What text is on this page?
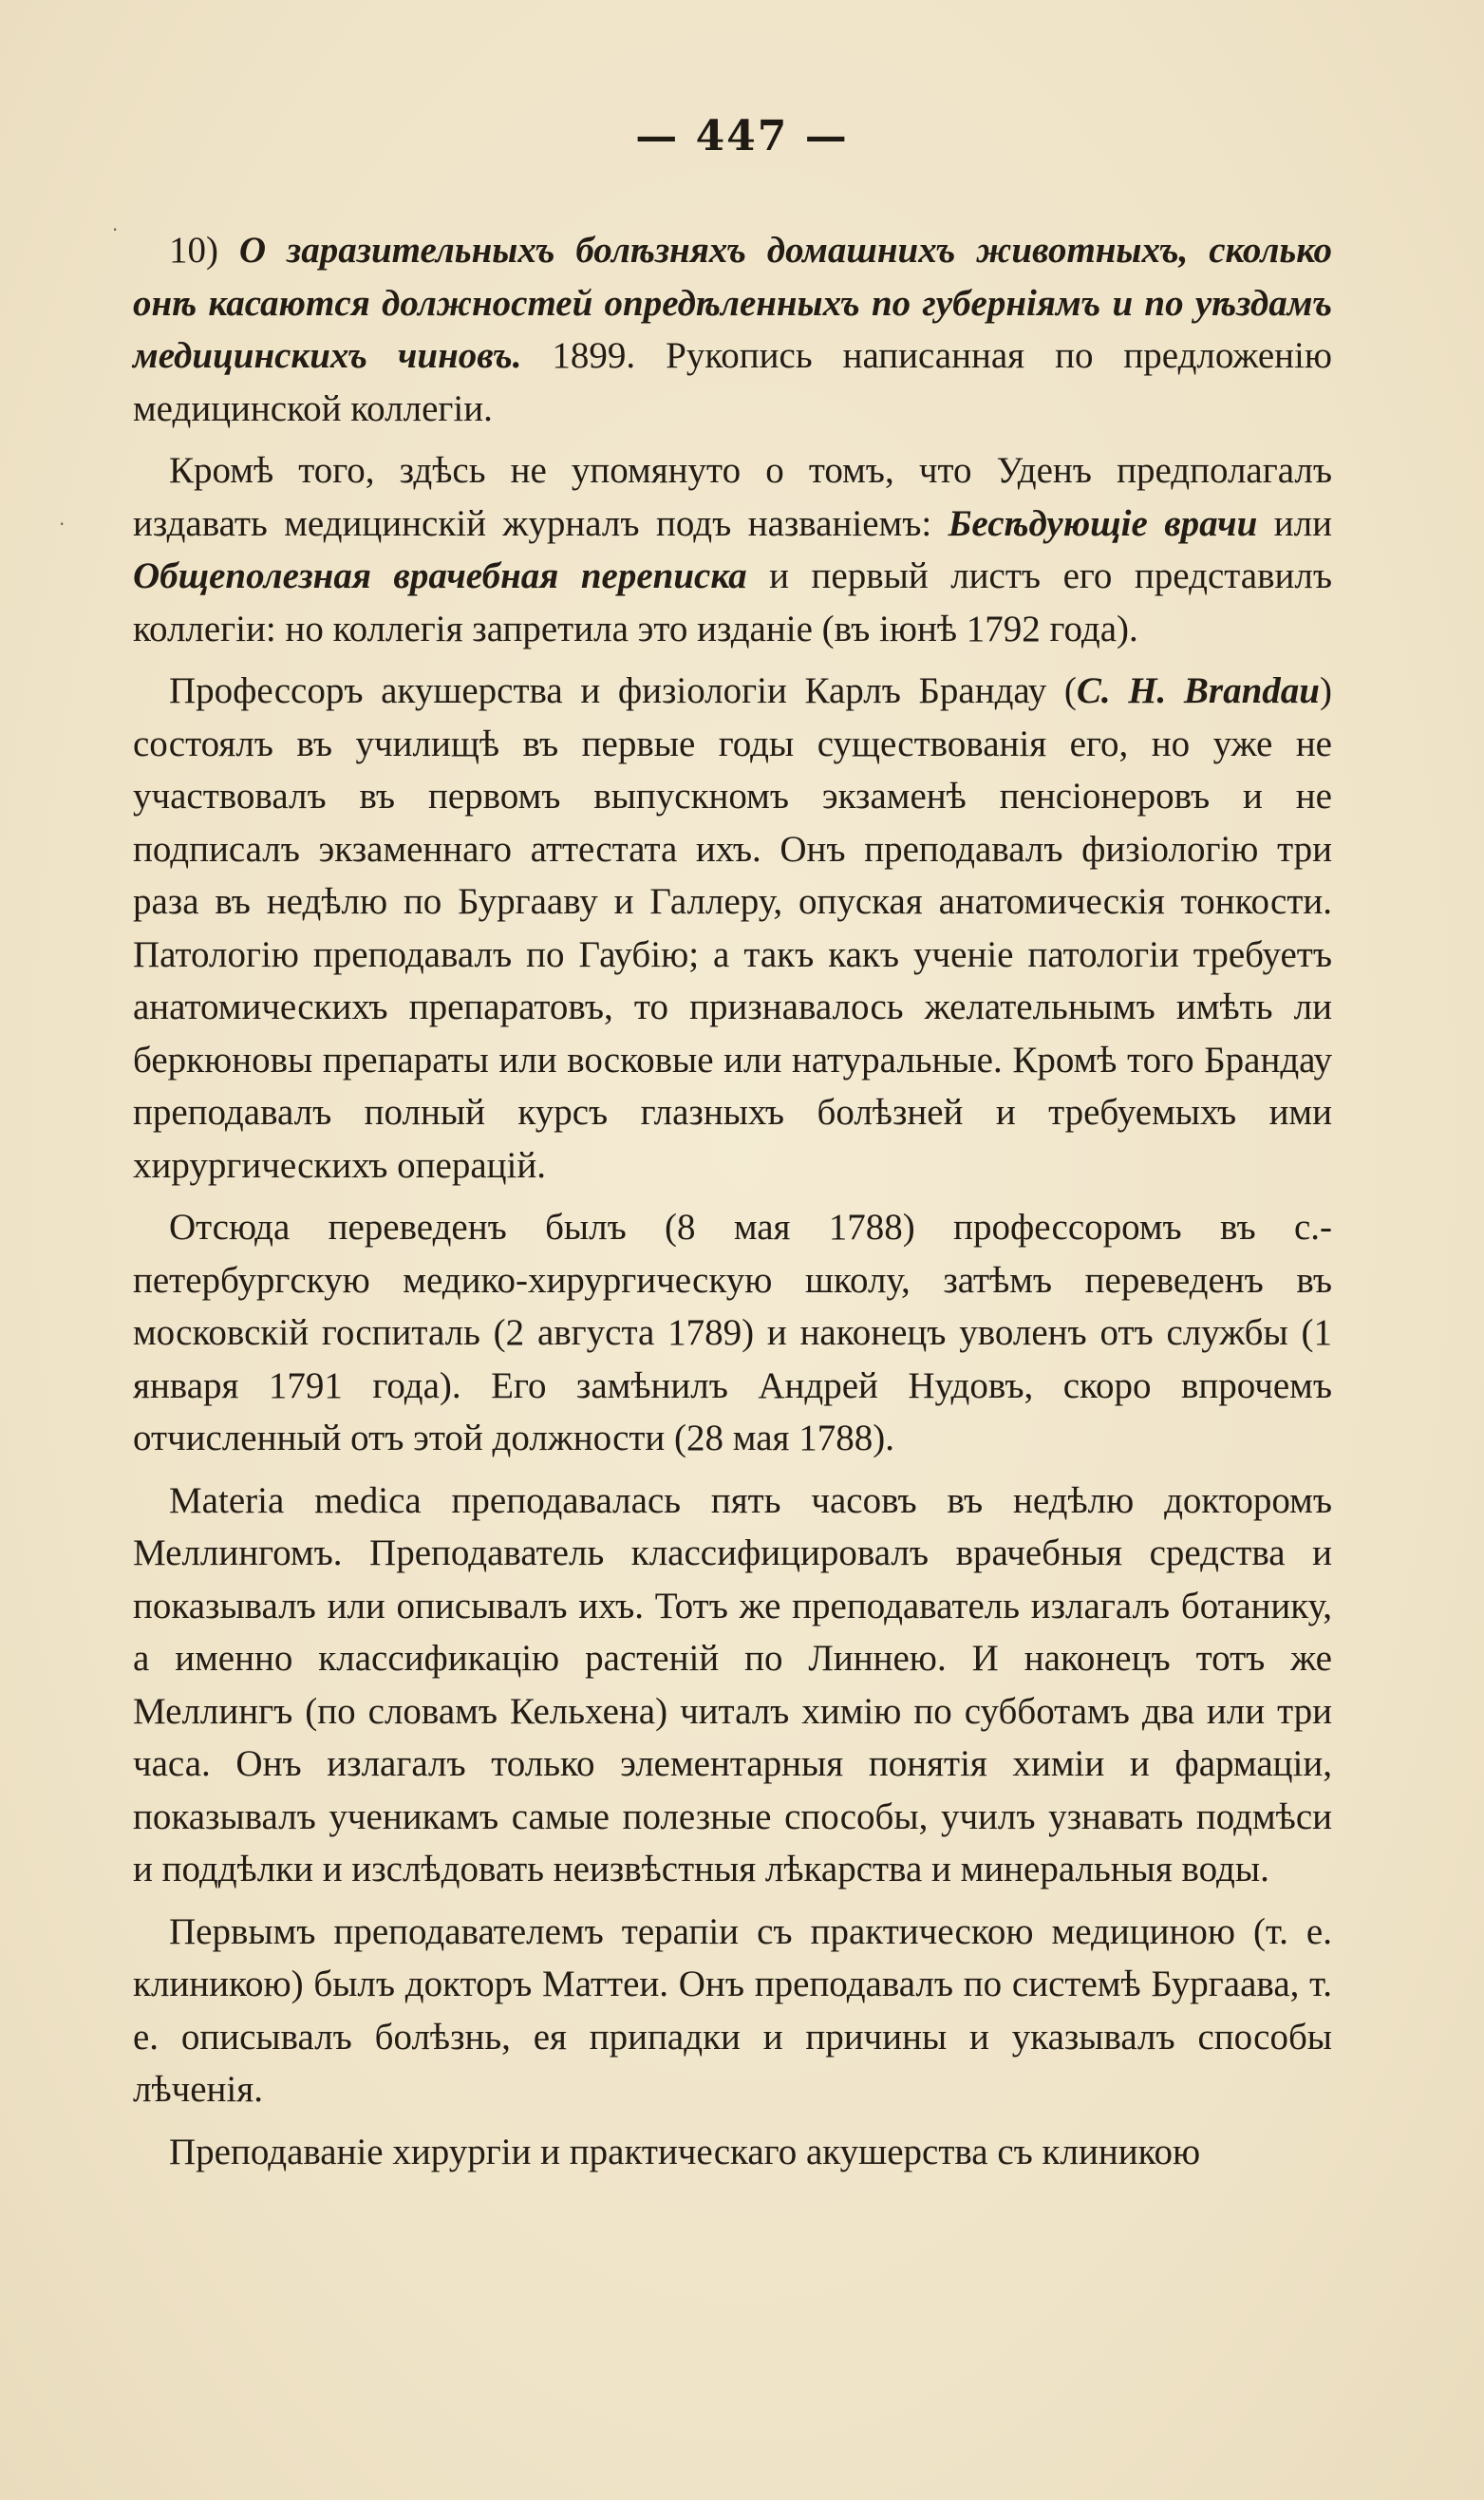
— 447 —
·
·

10) О заразительныхъ болѣзняхъ домашнихъ животныхъ, сколько онѣ касаются должностей опредѣленныхъ по губерніямъ и по уѣздамъ медицинскихъ чиновъ. 1899. Рукопись написанная по предложенію медицинской коллегіи.

Кромѣ того, здѣсь не упомянуто о томъ, что Уденъ предполагалъ издавать медицинскій журналъ подъ названіемъ: Бесѣдующіе врачи или Общеполезная врачебная переписка и первый листъ его представилъ коллегіи: но коллегія запретила это изданіе (въ іюнѣ 1792 года).

Профессоръ акушерства и физіологіи Карлъ Брандау (C. H. Brandau) состоялъ въ училищѣ въ первые годы существованія его, но уже не участвовалъ въ первомъ выпускномъ экзаменѣ пенсіонеровъ и не подписалъ экзаменнаго аттестата ихъ. Онъ преподавалъ физіологію три раза въ недѣлю по Бургааву и Галлеру, опуская анатомическія тонкости. Патологію преподавалъ по Гаубію; а такъ какъ ученіе патологіи требуетъ анатомическихъ препаратовъ, то признавалось желательнымъ имѣть ли беркюновы препараты или восковые или натуральные. Кромѣ того Брандау преподавалъ полный курсъ глазныхъ болѣзней и требуемыхъ ими хирургическихъ операцій.

Отсюда переведенъ былъ (8 мая 1788) профессоромъ въ с.-петербургскую медико-хирургическую школу, затѣмъ переведенъ въ московскій госпиталь (2 августа 1789) и наконецъ уволенъ отъ службы (1 января 1791 года). Его замѣнилъ Андрей Нудовъ, скоро впрочемъ отчисленный отъ этой должности (28 мая 1788).

Materia medica преподавалась пять часовъ въ недѣлю докторомъ Меллингомъ. Преподаватель классифицировалъ врачебныя средства и показывалъ или описывалъ ихъ. Тотъ же преподаватель излагалъ ботанику, а именно классификацію растеній по Линнею. И наконецъ тотъ же Меллингъ (по словамъ Кельхена) читалъ химію по субботамъ два или три часа. Онъ излагалъ только элементарныя понятія химіи и фармаціи, показывалъ ученикамъ самые полезные способы, училъ узнавать подмѣси и поддѣлки и изслѣдовать неизвѣстныя лѣкарства и минеральныя воды.

Первымъ преподавателемъ терапіи съ практическою медициною (т. е. клиникою) былъ докторъ Маттеи. Онъ преподавалъ по системѣ Бургаава, т. е. описывалъ болѣзнь, ея припадки и причины и указывалъ способы лѣченія.

Преподаваніе хирургіи и практическаго акушерства съ клиникою
